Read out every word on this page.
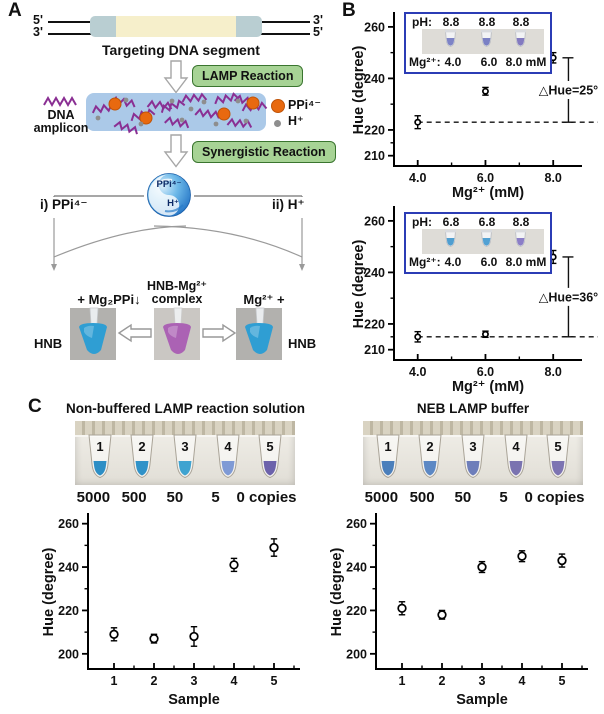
A 5'
3'
3'
5'
Targeting DNA segment
LAMP Reaction
DNA
amplicon
PPi⁴⁻
H⁺
Synergistic Reaction
PPi⁴⁻
H⁺
i) PPi⁴⁻	ii) H⁺
+ Mg₂PPi↓
HNB-Mg²⁺
complex	Mg²⁺ +
HNB	HNB
B
△Hue=25°
210
220
240
260
4.0	6.0	8.0
Mg²⁺ (mM)
Hue (degree)
pH: 8.8	8.8	8.8
Mg²⁺: 4.0	6.0 8.0 mM
△Hue=36°
210
220
240
260
4.0	6.0	8.0
Mg²⁺ (mM)
Hue (degree)
pH: 6.8	6.8	8.8
Mg²⁺: 4.0	6.0 8.0 mM
C	Non-buffered LAMP reaction solution	NEB LAMP buffer
1	2	3	4	5	1	2	3	4	5
5000 500	50	5	0 copies	5000 500	50	5	0 copies
200
220
240
260
1	2	3	4	5
Sample
Hue (degree)
200
220
240
260
1	2	3	4	5
Sample
Hue (degree)
